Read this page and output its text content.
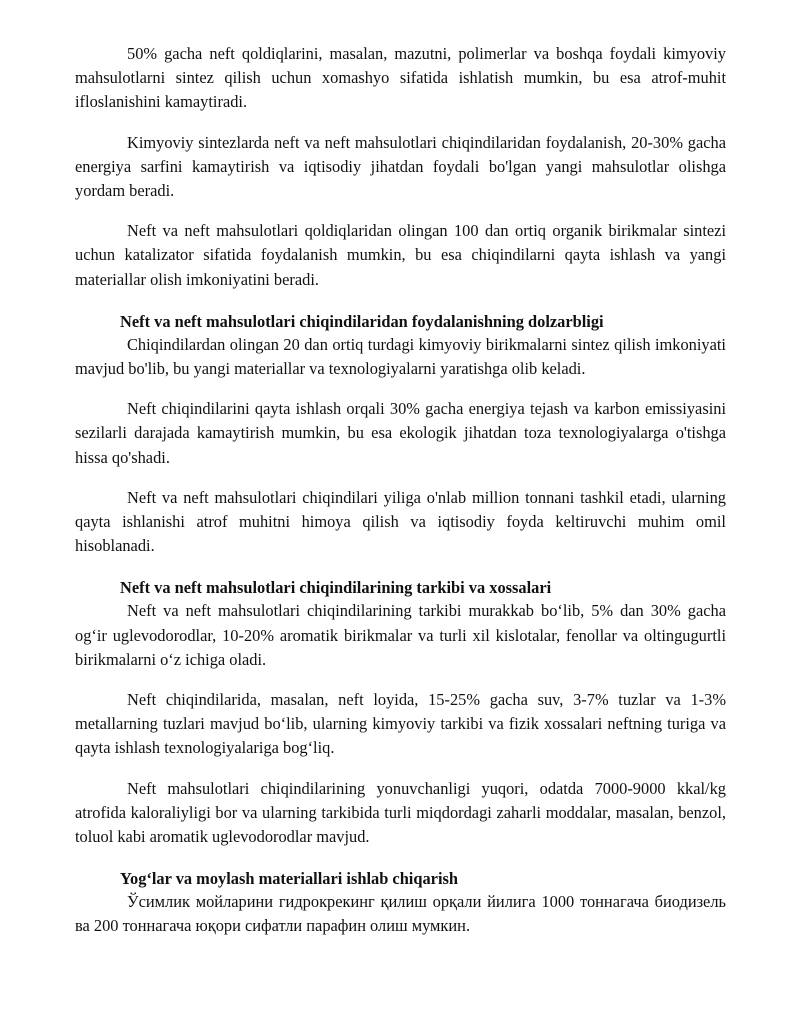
50% gacha neft qoldiqlarini, masalan, mazutni, polimerlar va boshqa foydali kimyoviy mahsulotlarni sintez qilish uchun xomashyo sifatida ishlatish mumkin, bu esa atrof-muhit ifloslanishini kamaytiradi.

Kimyoviy sintezlarda neft va neft mahsulotlari chiqindilaridan foydalanish, 20-30% gacha energiya sarfini kamaytirish va iqtisodiy jihatdan foydali bo'lgan yangi mahsulotlar olishga yordam beradi.

Neft va neft mahsulotlari qoldiqlaridan olingan 100 dan ortiq organik birikmalar sintezi uchun katalizator sifatida foydalanish mumkin, bu esa chiqindilarni qayta ishlash va yangi materiallar olish imkoniyatini beradi.

Neft va neft mahsulotlari chiqindilaridan foydalanishning dolzarbligi

Chiqindilardan olingan 20 dan ortiq turdagi kimyoviy birikmalarni sintez qilish imkoniyati mavjud bo'lib, bu yangi materiallar va texnologiyalarni yaratishga olib keladi.

Neft chiqindilarini qayta ishlash orqali 30% gacha energiya tejash va karbon emissiyasini sezilarli darajada kamaytirish mumkin, bu esa ekologik jihatdan toza texnologiyalarga o'tishga hissa qo'shadi.

Neft va neft mahsulotlari chiqindilari yiliga o'nlab million tonnani tashkil etadi, ularning qayta ishlanishi atrof muhitni himoya qilish va iqtisodiy foyda keltiruvchi muhim omil hisoblanadi.

Neft va neft mahsulotlari chiqindilarining tarkibi va xossalari

Neft va neft mahsulotlari chiqindilarining tarkibi murakkab bo‘lib, 5% dan 30% gacha og‘ir uglevodorodlar, 10-20% aromatik birikmalar va turli xil kislotalar, fenollar va oltingugurtli birikmalarni o‘z ichiga oladi.

Neft chiqindilarida, masalan, neft loyida, 15-25% gacha suv, 3-7% tuzlar va 1-3% metallarning tuzlari mavjud bo‘lib, ularning kimyoviy tarkibi va fizik xossalari neftning turiga va qayta ishlash texnologiyalariga bog‘liq.

Neft mahsulotlari chiqindilarining yonuvchanligi yuqori, odatda 7000-9000 kkal/kg atrofida kaloraliyligi bor va ularning tarkibida turli miqdordagi zaharli moddalar, masalan, benzol, toluol kabi aromatik uglevodorodlar mavjud.

Yog‘lar va moylash materiallari ishlab chiqarish

Ўсимлик мойларини гидрокрекинг қилиш орқали йилига 1000 тоннагача биодизель ва 200 тоннагача юқори сифатли парафин олиш мумкин.
